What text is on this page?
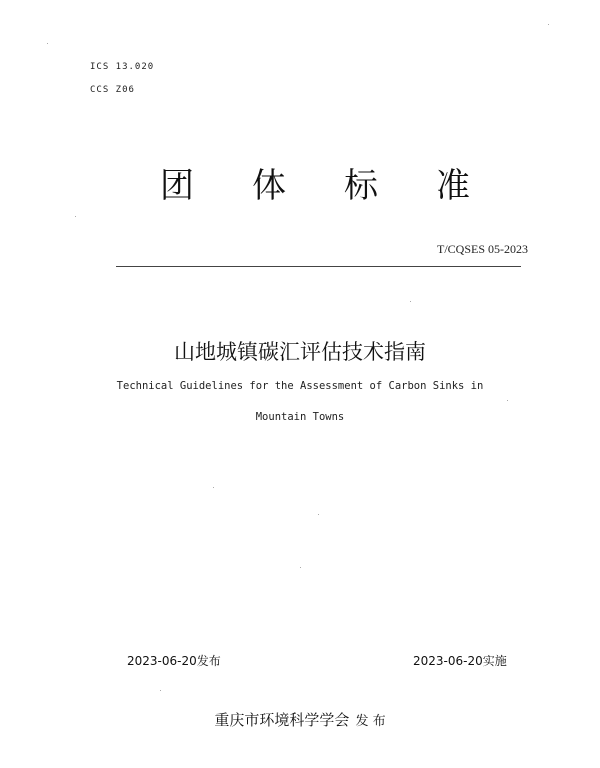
ICS 13.020
CCS Z06
团 体 标 准
T/CQSES 05-2023
山地城镇碳汇评估技术指南
Technical Guidelines for the Assessment of Carbon Sinks in
Mountain Towns
2023-06-20发布	2023-06-20实施
重庆市环境科学学会 发 布
